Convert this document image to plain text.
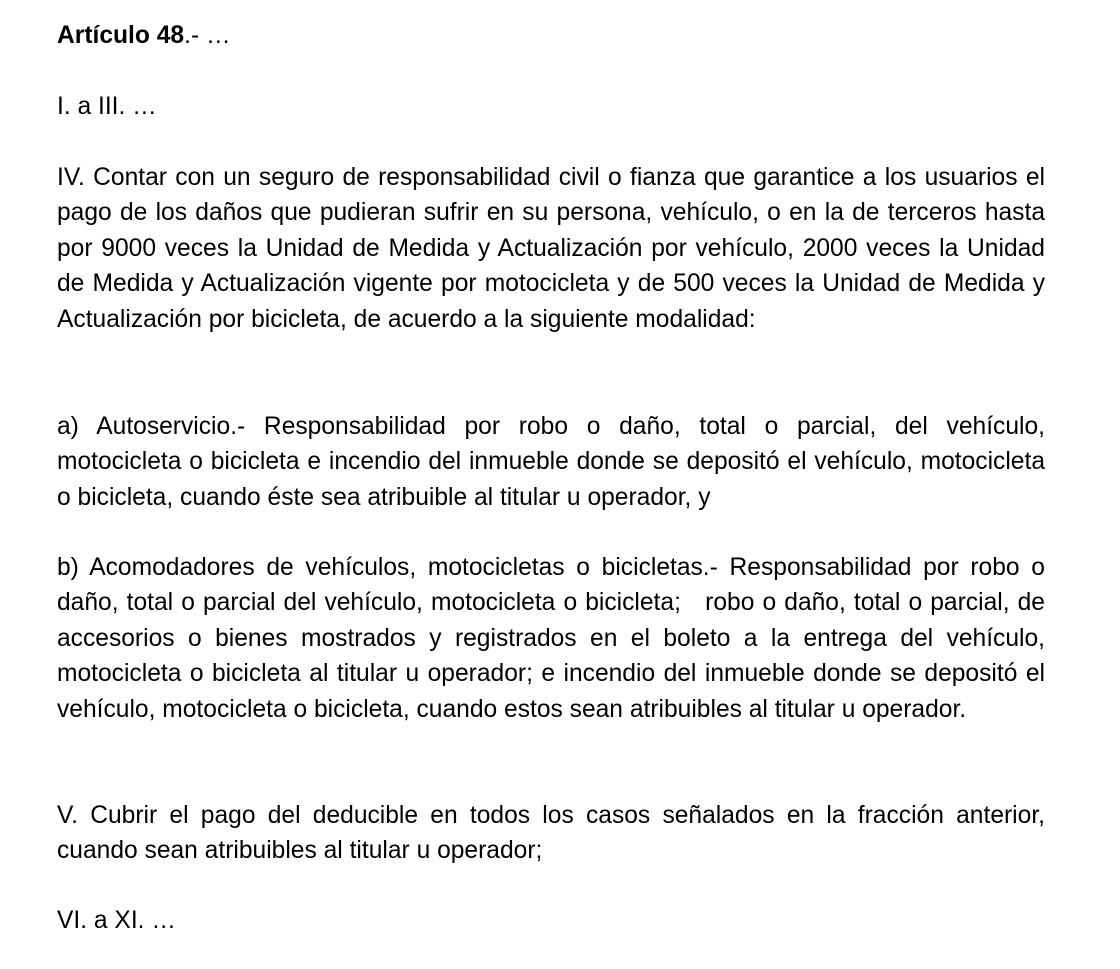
Artículo 48.- …

I. a III. …

IV. Contar con un seguro de responsabilidad civil o fianza que garantice a los usuarios el pago de los daños que pudieran sufrir en su persona, vehículo, o en la de terceros hasta por 9000 veces la Unidad de Medida y Actualización por vehículo, 2000 veces la Unidad de Medida y Actualización vigente por motocicleta y de 500 veces la Unidad de Medida y Actualización por bicicleta, de acuerdo a la siguiente modalidad:

a) Autoservicio.- Responsabilidad por robo o daño, total o parcial, del vehículo, motocicleta o bicicleta e incendio del inmueble donde se depositó el vehículo, motocicleta o bicicleta, cuando éste sea atribuible al titular u operador, y

b) Acomodadores de vehículos, motocicletas o bicicletas.- Responsabilidad por robo o daño, total o parcial del vehículo, motocicleta o bicicleta;   robo o daño, total o parcial, de accesorios o bienes mostrados y registrados en el boleto a la entrega del vehículo, motocicleta o bicicleta al titular u operador; e incendio del inmueble donde se depositó el vehículo, motocicleta o bicicleta, cuando estos sean atribuibles al titular u operador.

V. Cubrir el pago del deducible en todos los casos señalados en la fracción anterior, cuando sean atribuibles al titular u operador;

VI. a XI. …
